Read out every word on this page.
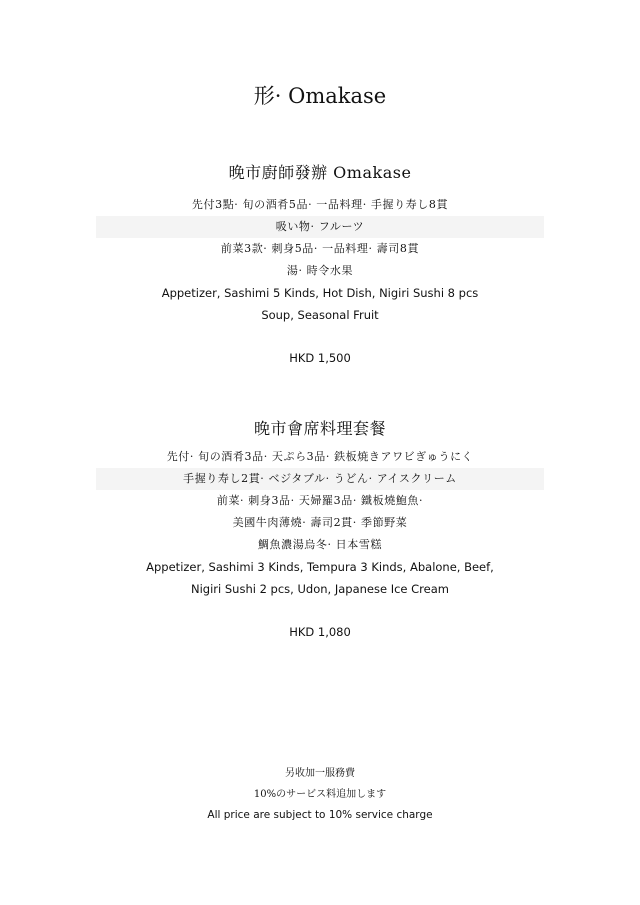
形· Omakase
晚市廚師發辦 Omakase
先付3點· 旬の酒肴5品· 一品料理· 手握り寿し8貫
吸い物· フルーツ
前菜3款· 刺身5品· 一品料理· 壽司8貫
湯· 時令水果
Appetizer, Sashimi 5 Kinds, Hot Dish, Nigiri Sushi 8 pcs
Soup, Seasonal Fruit
HKD 1,500
晚市會席料理套餐
先付· 旬の酒肴3品· 天ぷら3品· 鉄板焼きアワビぎゅうにく
手握り寿し2貫· ベジタブル· うどん· アイスクリーム
前菜· 刺身3品· 天婦羅3品· 鐵板燒鮑魚·
美國牛肉薄燒· 壽司2貫· 季節野菜
鯛魚濃湯烏冬· 日本雪糕
Appetizer, Sashimi 3 Kinds, Tempura 3 Kinds, Abalone, Beef,
Nigiri Sushi 2 pcs, Udon, Japanese Ice Cream
HKD 1,080
另收加一服務費
10%のサービス料追加します
All price are subject to 10% service charge
